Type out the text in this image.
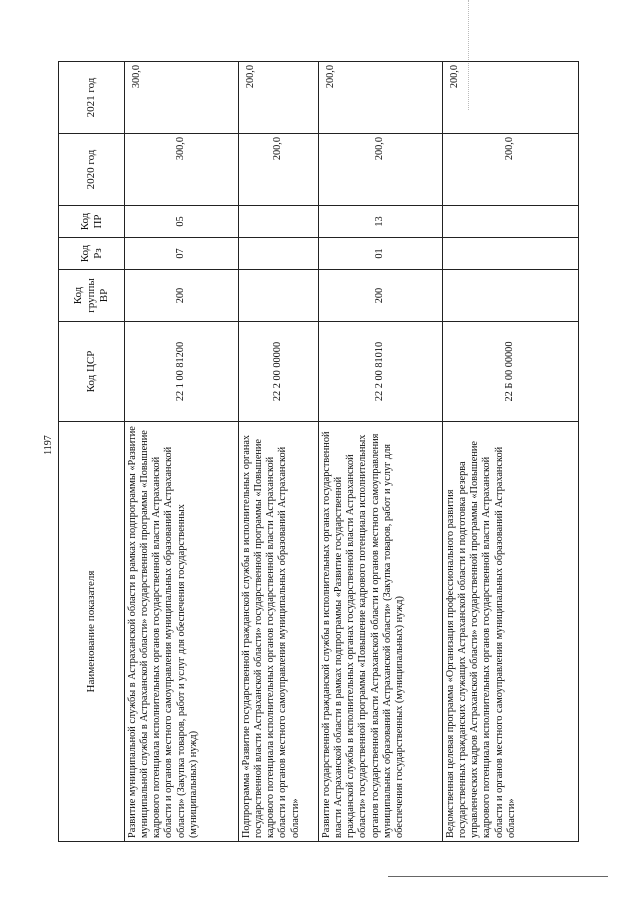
1197
Наименование показателя	Код ЦСР	Код группы ВР	Код Рз	Код ПР	2020 год	2021 год
Развитие муниципальной службы в Астраханской области в рамках подпрограммы «Развитие муниципальной службы в Астраханской области» государственной программы «Повышение кадрового потенциала исполнительных органов государственной власти Астраханской области и органов местного самоуправления муниципальных образований Астраханской области» (Закупка товаров, работ и услуг для обеспечения государственных (муниципальных) нужд)	22 1 00 81200	200	07	05	300,0	300,0
Подпрограмма «Развитие государственной гражданской службы в исполнительных органах государственной власти Астраханской области» государственной программы «Повышение кадрового потенциала исполнительных органов государственной власти Астраханской области и органов местного самоуправления муниципальных образований Астраханской области»	22 2 00 00000				200,0	200,0
Развитие государственной гражданской службы в исполнительных органах государственной власти Астраханской области в рамках подпрограммы «Развитие государственной гражданской службы в исполнительных органах государственной власти Астраханской области» государственной программы «Повышение кадрового потенциала исполнительных органов государственной власти Астраханской области и органов местного самоуправления муниципальных образований Астраханской области» (Закупка товаров, работ и услуг для обеспечения государственных (муниципальных) нужд)	22 2 00 81010	200	01	13	200,0	200,0
Ведомственная целевая программа «Организация профессионального развития государственных гражданских служащих Астраханской области и подготовка резерва управленческих кадров Астраханской области» государственной программы «Повышение кадрового потенциала исполнительных органов государственной власти Астраханской области и органов местного самоуправления муниципальных образований Астраханской области»	22 Б 00 00000				200,0	200,0
